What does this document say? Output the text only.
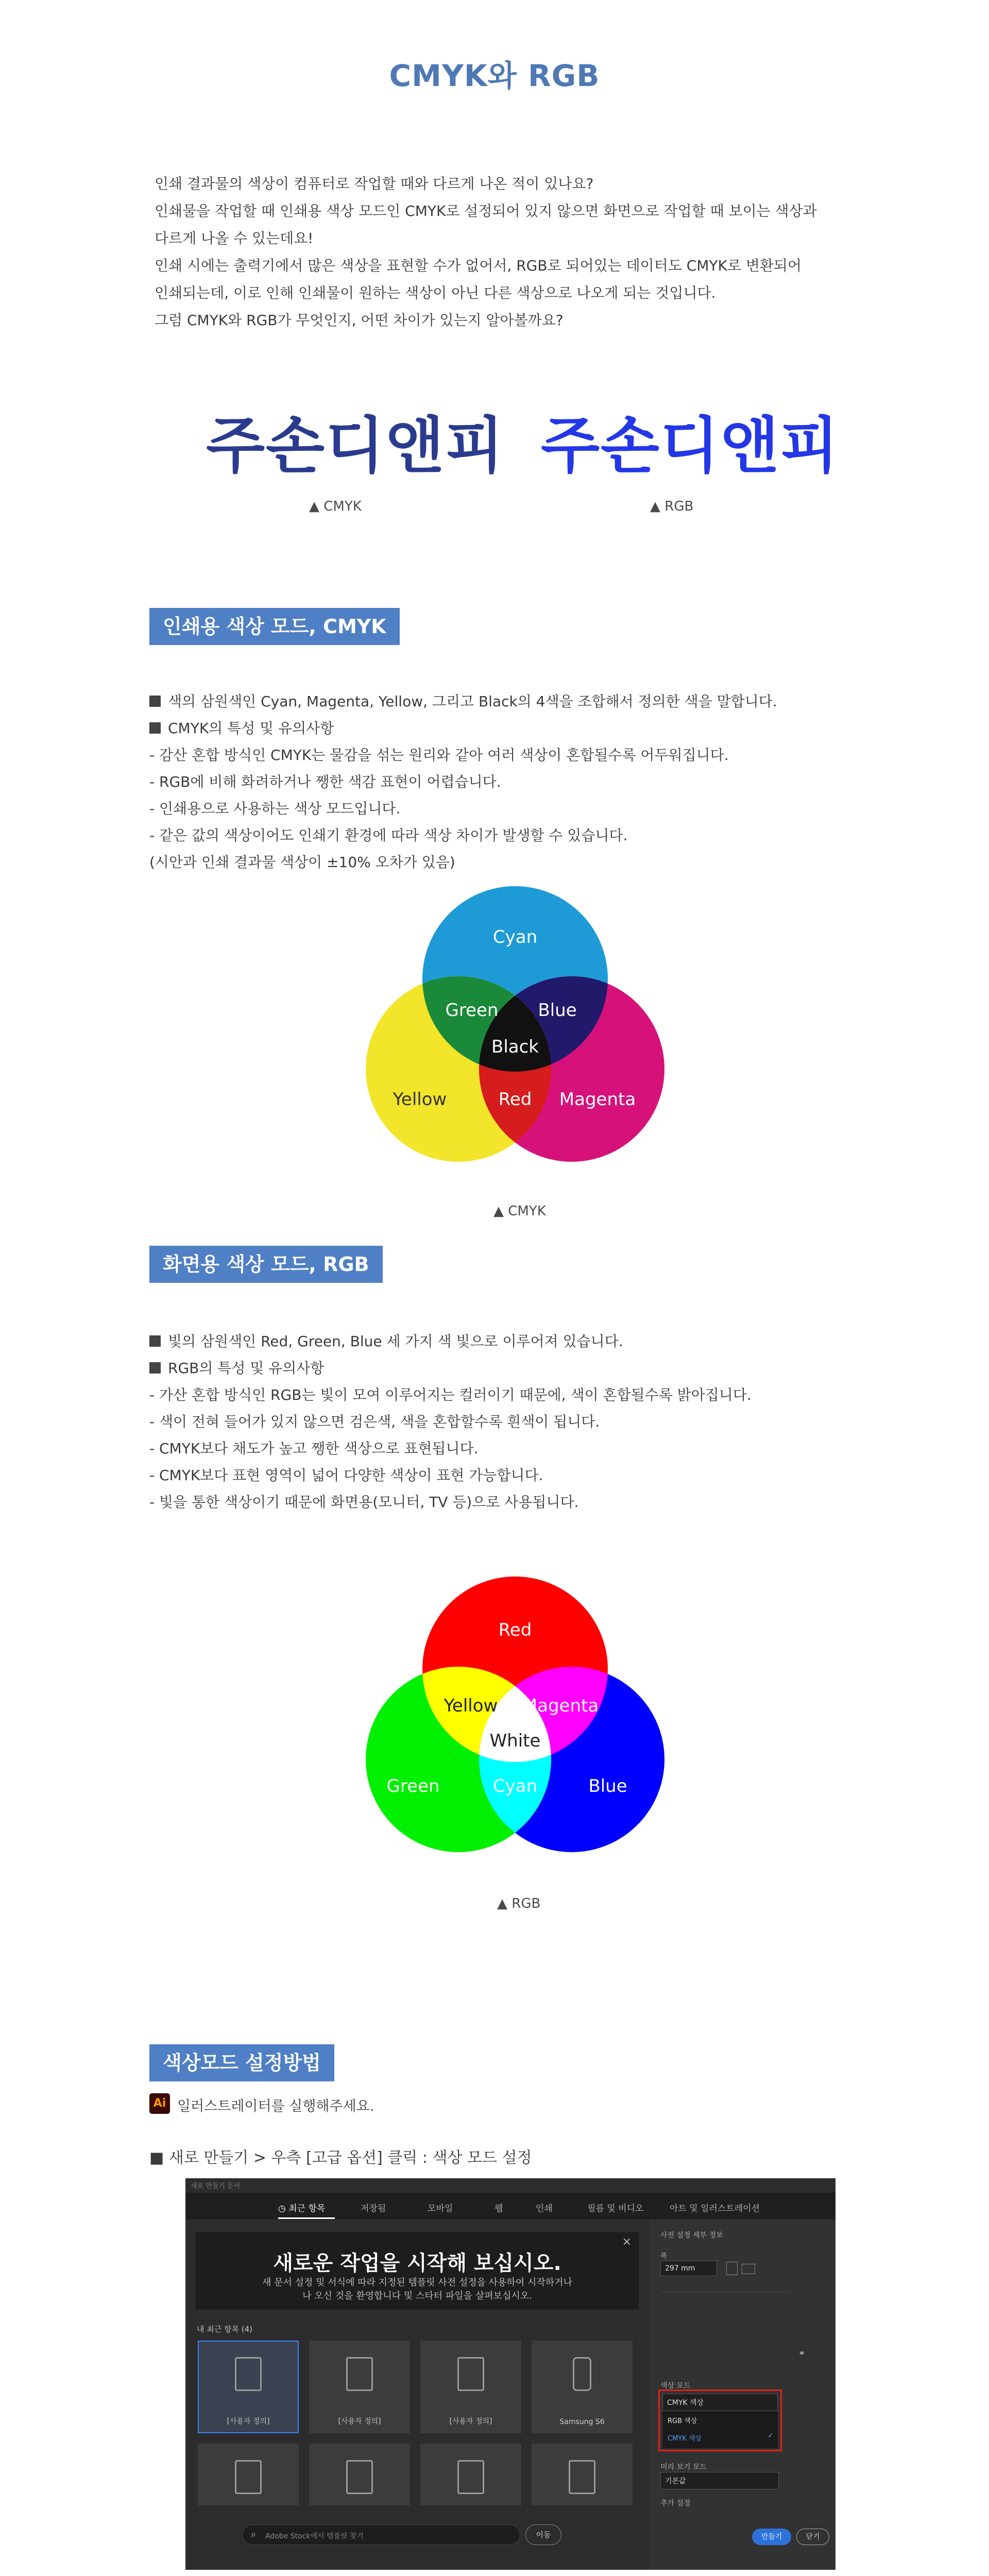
CMYK와 RGB
인쇄 결과물의 색상이 컴퓨터로 작업할 때와 다르게 나온 적이 있나요?
인쇄물을 작업할 때 인쇄용 색상 모드인 CMYK로 설정되어 있지 않으면 화면으로 작업할 때 보이는 색상과
다르게 나올 수 있는데요!
인쇄 시에는 출력기에서 많은 색상을 표현할 수가 없어서, RGB로 되어있는 데이터도 CMYK로 변환되어
인쇄되는데, 이로 인해 인쇄물이 원하는 색상이 아닌 다른 색상으로 나오게 되는 것입니다.
그럼 CMYK와 RGB가 무엇인지, 어떤 차이가 있는지 알아볼까요?
주손디앤피 주손디앤피
▲ CMYK	▲ RGB
인쇄용 색상 모드, CMYK
색의 삼원색인 Cyan, Magenta, Yellow, 그리고 Black의 4색을 조합해서 정의한 색을 말합니다.
CMYK의 특성 및 유의사항
- 감산 혼합 방식인 CMYK는 물감을 섞는 원리와 같아 여러 색상이 혼합될수록 어두워집니다.
- RGB에 비해 화려하거나 쨍한 색감 표현이 어렵습니다.
- 인쇄용으로 사용하는 색상 모드입니다.
- 같은 값의 색상이어도 인쇄기 환경에 따라 색상 차이가 발생할 수 있습니다.
(시안과 인쇄 결과물 색상이 ±10% 오차가 있음)
Cyan
Green Blue
Black
Yellow	Red Magenta
▲ CMYK
화면용 색상 모드, RGB
빛의 삼원색인 Red, Green, Blue 세 가지 색 빛으로 이루어져 있습니다.
RGB의 특성 및 유의사항
- 가산 혼합 방식인 RGB는 빛이 모여 이루어지는 컬러이기 때문에, 색이 혼합될수록 밝아집니다.
- 색이 전혀 들어가 있지 않으면 검은색, 색을 혼합할수록 흰색이 됩니다.
- CMYK보다 채도가 높고 쨍한 색상으로 표현됩니다.
- CMYK보다 표현 영역이 넓어 다양한 색상이 표현 가능합니다.
- 빛을 통한 색상이기 때문에 화면용(모니터, TV 등)으로 사용됩니다.
Red
Yellow Magenta
White
Green	Cyan	Blue
▲ RGB
색상모드 설정방법
Ai 일러스트레이터를 실행해주세요.
■ 새로 만들기 > 우측 [고급 옵션] 클릭 : 색상 모드 설정
새로 만들기 문서
◷ 최근 항목	저장됨	모바일	웹	인쇄	필름 및 비디오	아트 및 일러스트레이션
×
새로운 작업을 시작해 보십시오.
새 문서 설정 및 서식에 따라 지정된 템플릿 사전 설정을 사용하여 시작하거나
나 오신 것을 환영합니다 및 스타터 파일을 살펴보십시오.
내 최근 항목 (4)
[사용자 정의]	[사용자 정의]	[사용자 정의]	Samsung S6
⌕ Adobe Stock에서 템플릿 찾기	이동
사전 설정 세부 정보
폭
297 mm
⚭
색상 모드
CMYK 색상
RGB 색상
CMYK 색상	✓
미리 보기 모드
기본값
추가 설정
만들기	닫기
